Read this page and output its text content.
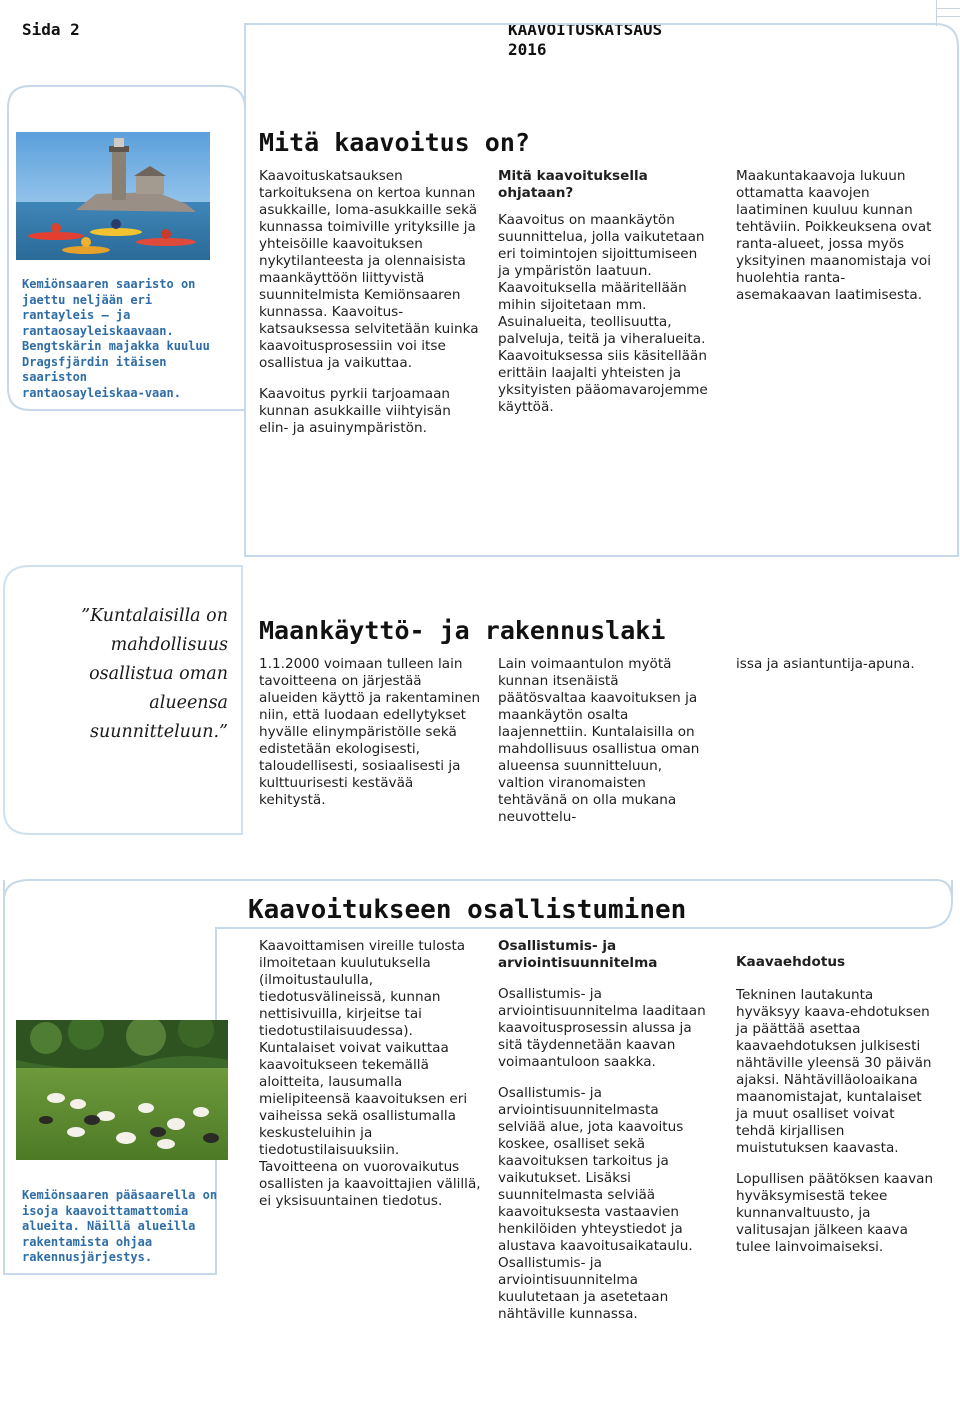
Sida 2	KAAVOITUSKATSAUS 2016
Kemiönsaaren saaristo on jaettu neljään eri rantayleis – ja rantaosayleiskaavaan. Bengtskärin majakka kuuluu Dragsfjärdin itäisen saariston rantaosayleiskaa-vaan.
Mitä kaavoitus on?

Kaavoituskatsauksen tarkoituksena on kertoa kunnan asukkaille, loma-asukkaille sekä kunnassa toimiville yrityksille ja yhteisöille kaavoituksen nykytilanteesta ja olennaisista maankäyttöön liittyvistä suunnitelmista Kemiönsaaren kunnassa. Kaavoitus-katsauksessa selvitetään kuinka kaavoitusprosessiin voi itse osallistua ja vaikuttaa.

Kaavoitus pyrkii tarjoamaan kunnan asukkaille viihtyisän elin- ja asuinympäristön.

Mitä kaavoituksella ohjataan?

Kaavoitus on maankäytön suunnittelua, jolla vaikutetaan eri toimintojen sijoittumiseen ja ympäristön laatuun. Kaavoituksella määritellään mihin sijoitetaan mm. Asuinalueita, teollisuutta, palveluja, teitä ja viheralueita. Kaavoituksessa siis käsitellään erittäin laajalti yhteisten ja yksityisten pääomavarojemme käyttöä.

Maakuntakaavoja lukuun ottamatta kaavojen laatiminen kuuluu kunnan tehtäviin. Poikkeuksena ovat ranta-alueet, jossa myös yksityinen maanomistaja voi huolehtia ranta-asemakaavan laatimisesta.

”Kuntalaisilla on mahdollisuus osallistua oman alueensa suunnitteluun.”
Maankäyttö- ja rakennuslaki

1.1.2000 voimaan tulleen lain tavoitteena on järjestää alueiden käyttö ja rakentaminen niin, että luodaan edellytykset hyvälle elinympäristölle sekä edistetään ekologisesti, taloudellisesti, sosiaalisesti ja kulttuurisesti kestävää kehitystä.

Lain voimaantulon myötä kunnan itsenäistä päätösvaltaa kaavoituksen ja maankäytön osalta laajennettiin. Kuntalaisilla on mahdollisuus osallistua oman alueensa suunnitteluun, valtion viranomaisten tehtävänä on olla mukana neuvottelu-

issa ja asiantuntija-apuna.

Kaavoitukseen osallistuminen
Kemiönsaaren pääsaarella on isoja kaavoittamattomia alueita. Näillä alueilla rakentamista ohjaa rakennusjärjestys.

Kaavoittamisen vireille tulosta ilmoitetaan kuulutuksella (ilmoitustaululla, tiedotusvälineissä, kunnan nettisivuilla, kirjeitse tai tiedotustilaisuudessa). Kuntalaiset voivat vaikuttaa kaavoitukseen tekemällä aloitteita, lausumalla mielipiteensä kaavoituksen eri vaiheissa sekä osallistumalla keskusteluihin ja tiedotustilaisuuksiin. Tavoitteena on vuorovaikutus osallisten ja kaavoittajien välillä, ei yksisuuntainen tiedotus.

Osallistumis- ja arviointisuunnitelma

Osallistumis- ja arviointisuunnitelma laaditaan kaavoitusprosessin alussa ja sitä täydennetään kaavan voimaantuloon saakka.

Osallistumis- ja arviointisuunnitelmasta selviää alue, jota kaavoitus koskee, osalliset sekä kaavoituksen tarkoitus ja vaikutukset. Lisäksi suunnitelmasta selviää kaavoituksesta vastaavien henkilöiden yhteystiedot ja alustava kaavoitusaikataulu. Osallistumis- ja arviointisuunnitelma kuulutetaan ja asetetaan nähtäville kunnassa.

Kaavaehdotus

Tekninen lautakunta hyväksyy kaava-ehdotuksen ja päättää asettaa kaavaehdotuksen julkisesti nähtäville yleensä 30 päivän ajaksi. Nähtävilläoloaikana maanomistajat, kuntalaiset ja muut osalliset voivat tehdä kirjallisen muistutuksen kaavasta.

Lopullisen päätöksen kaavan hyväksymisestä tekee kunnanvaltuusto, ja valitusajan jälkeen kaava tulee lainvoimaiseksi.
